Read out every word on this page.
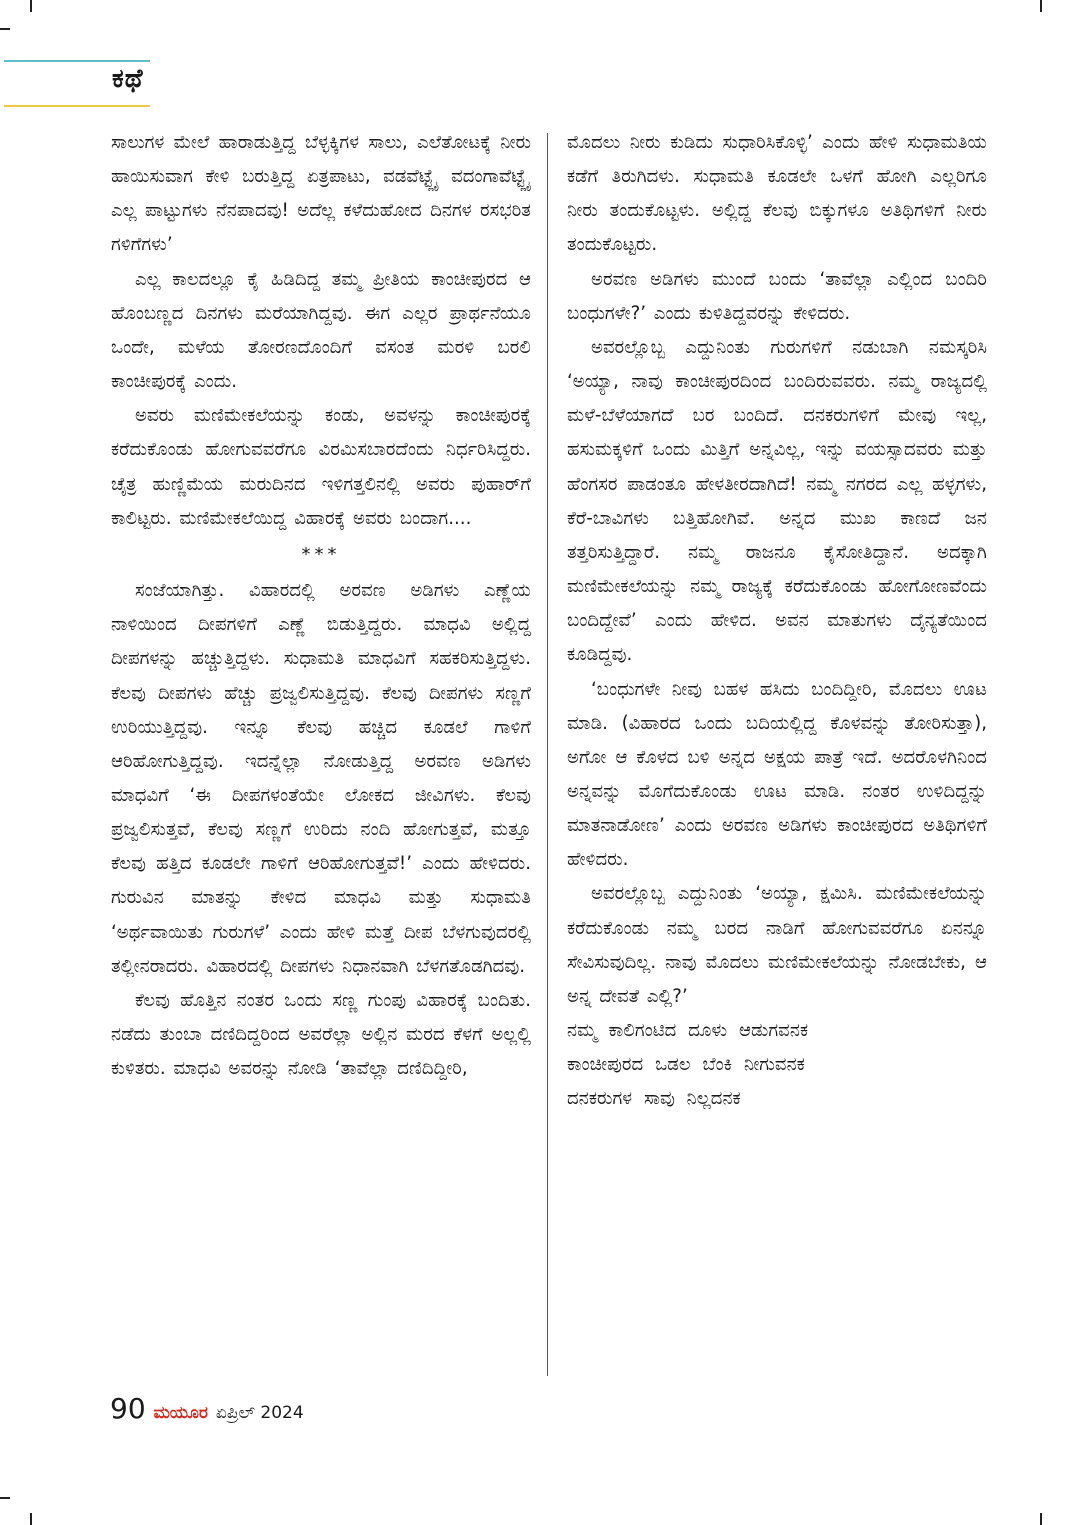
ಕಥೆ

ಸಾಲುಗಳ ಮೇಲೆ ಹಾರಾಡುತ್ತಿದ್ದ ಬೆಳ್ಳಕ್ಕಿಗಳ ಸಾಲು, ಎಲೆತೋಟಕ್ಕೆ ನೀರು ಹಾಯಿಸುವಾಗ ಕೇಳಿ ಬರುತ್ತಿದ್ದ ಏತ್ರಪಾಟು, ವಡವೆಟ್ಟ್ಲೈ ವದಂಗಾವೆಟ್ಟ್ಲೈ ಎಲ್ಲ ಪಾಟ್ಟುಗಳು ನೆನಪಾದವು! ಅದೆಲ್ಲ ಕಳೆದುಹೋದ ದಿನಗಳ ರಸಭರಿತ ಗಳಿಗೆಗಳು’

ಎಲ್ಲ ಕಾಲದಲ್ಲೂ ಕೈ ಹಿಡಿದಿದ್ದ ತಮ್ಮ ಪ್ರೀತಿಯ ಕಾಂಚೀಪುರದ ಆ ಹೊಂಬಣ್ಣದ ದಿನಗಳು ಮರೆಯಾಗಿದ್ದವು. ಈಗ ಎಲ್ಲರ ಪ್ರಾರ್ಥನೆಯೂ ಒಂದೇ, ಮಳೆಯ ತೋರಣದೊಂದಿಗೆ ವಸಂತ ಮರಳಿ ಬರಲಿ ಕಾಂಚೀಪುರಕ್ಕೆ ಎಂದು.

ಅವರು ಮಣಿಮೇಕಲೆಯನ್ನು ಕಂಡು, ಅವಳನ್ನು ಕಾಂಚೀಪುರಕ್ಕೆ ಕರೆದುಕೊಂಡು ಹೋಗುವವರೆಗೂ ವಿರಮಿಸಬಾರದೆಂದು ನಿರ್ಧರಿಸಿದ್ದರು. ಚೈತ್ರ ಹುಣ್ಣಿಮೆಯ ಮರುದಿನದ ಇಳಿಗತ್ತಲಿನಲ್ಲಿ ಅವರು ಪುಹಾರ್‌ಗೆ ಕಾಲಿಟ್ಟರು. ಮಣಿಮೇಕಲೆಯಿದ್ದ ವಿಹಾರಕ್ಕೆ ಅವರು ಬಂದಾಗ....

***

ಸಂಜೆಯಾಗಿತ್ತು. ವಿಹಾರದಲ್ಲಿ ಅರವಣ ಅಡಿಗಳು ಎಣ್ಣೆಯ ನಾಳಿಯಿಂದ ದೀಪಗಳಿಗೆ ಎಣ್ಣೆ ಬಿಡುತ್ತಿದ್ದರು. ಮಾಧವಿ ಅಲ್ಲಿದ್ದ ದೀಪಗಳನ್ನು ಹಚ್ಚುತ್ತಿದ್ದಳು. ಸುಧಾಮತಿ ಮಾಧವಿಗೆ ಸಹಕರಿಸುತ್ತಿದ್ದಳು. ಕೆಲವು ದೀಪಗಳು ಹೆಚ್ಚು ಪ್ರಜ್ವಲಿಸುತ್ತಿದ್ದವು. ಕೆಲವು ದೀಪಗಳು ಸಣ್ಣಗೆ ಉರಿಯುತ್ತಿದ್ದವು. ಇನ್ನೂ ಕೆಲವು ಹಚ್ಚಿದ ಕೂಡಲೆ ಗಾಳಿಗೆ ಆರಿಹೋಗುತ್ತಿದ್ದವು. ಇದನ್ನೆಲ್ಲಾ ನೋಡುತ್ತಿದ್ದ ಅರವಣ ಅಡಿಗಳು ಮಾಧವಿಗೆ ‘ಈ ದೀಪಗಳಂತೆಯೇ ಲೋಕದ ಜೀವಿಗಳು. ಕೆಲವು ಪ್ರಜ್ವಲಿಸುತ್ತವೆ, ಕೆಲವು ಸಣ್ಣಗೆ ಉರಿದು ನಂದಿ ಹೋಗುತ್ತವೆ, ಮತ್ತೂ ಕೆಲವು ಹತ್ತಿದ ಕೂಡಲೇ ಗಾಳಿಗೆ ಆರಿಹೋಗುತ್ತವೆ!’ ಎಂದು ಹೇಳಿದರು. ಗುರುವಿನ ಮಾತನ್ನು ಕೇಳಿದ ಮಾಧವಿ ಮತ್ತು ಸುಧಾಮತಿ ‘ಅರ್ಥವಾಯಿತು ಗುರುಗಳೆ’ ಎಂದು ಹೇಳಿ ಮತ್ತೆ ದೀಪ ಬೆಳಗುವುದರಲ್ಲಿ ತಲ್ಲೀನರಾದರು. ವಿಹಾರದಲ್ಲಿ ದೀಪಗಳು ನಿಧಾನವಾಗಿ ಬೆಳಗತೊಡಗಿದವು.

ಕೆಲವು ಹೊತ್ತಿನ ನಂತರ ಒಂದು ಸಣ್ಣ ಗುಂಪು ವಿಹಾರಕ್ಕೆ ಬಂದಿತು. ನಡೆದು ತುಂಬಾ ದಣಿದಿದ್ದರಿಂದ ಅವರೆಲ್ಲಾ ಅಲ್ಲಿನ ಮರದ ಕೆಳಗೆ ಅಲ್ಲಲ್ಲಿ ಕುಳಿತರು. ಮಾಧವಿ ಅವರನ್ನು ನೋಡಿ ‘ತಾವೆಲ್ಲಾ ದಣಿದಿದ್ದೀರಿ,

ಮೊದಲು ನೀರು ಕುಡಿದು ಸುಧಾರಿಸಿಕೊಳ್ಳಿ’ ಎಂದು ಹೇಳಿ ಸುಧಾಮತಿಯ ಕಡೆಗೆ ತಿರುಗಿದಳು. ಸುಧಾಮತಿ ಕೂಡಲೇ ಒಳಗೆ ಹೋಗಿ ಎಲ್ಲರಿಗೂ ನೀರು ತಂದುಕೊಟ್ಟಳು. ಅಲ್ಲಿದ್ದ ಕೆಲವು ಬಿಕ್ಕುಗಳೂ ಅತಿಥಿಗಳಿಗೆ ನೀರು ತಂದುಕೊಟ್ಟರು.

ಅರವಣ ಅಡಿಗಳು ಮುಂದೆ ಬಂದು ‘ತಾವೆಲ್ಲಾ ಎಲ್ಲಿಂದ ಬಂದಿರಿ ಬಂಧುಗಳೇ?’ ಎಂದು ಕುಳಿತಿದ್ದವರನ್ನು ಕೇಳಿದರು.

ಅವರಲ್ಲೊಬ್ಬ ಎದ್ದುನಿಂತು ಗುರುಗಳಿಗೆ ನಡುಬಾಗಿ ನಮಸ್ಕರಿಸಿ ‘ಅಯ್ಯಾ, ನಾವು ಕಾಂಚೀಪುರದಿಂದ ಬಂದಿರುವವರು. ನಮ್ಮ ರಾಜ್ಯದಲ್ಲಿ ಮಳೆ-ಬೆಳೆಯಾಗದೆ ಬರ ಬಂದಿದೆ. ದನಕರುಗಳಿಗೆ ಮೇವು ಇಲ್ಲ, ಹಸುಮಕ್ಕಳಿಗೆ ಒಂದು ಮಿತ್ತಿಗೆ ಅನ್ನವಿಲ್ಲ, ಇನ್ನು ವಯಸ್ಸಾದವರು ಮತ್ತು ಹೆಂಗಸರ ಪಾಡಂತೂ ಹೇಳತೀರದಾಗಿದೆ! ನಮ್ಮ ನಗರದ ಎಲ್ಲ ಹಳ್ಳಗಳು, ಕೆರೆ-ಬಾವಿಗಳು ಬತ್ತಿಹೋಗಿವೆ. ಅನ್ನದ ಮುಖ ಕಾಣದೆ ಜನ ತತ್ತರಿಸುತ್ತಿದ್ದಾರೆ. ನಮ್ಮ ರಾಜನೂ ಕೈಸೋತಿದ್ದಾನೆ. ಅದಕ್ಕಾಗಿ ಮಣಿಮೇಕಲೆಯನ್ನು ನಮ್ಮ ರಾಜ್ಯಕ್ಕೆ ಕರೆದುಕೊಂಡು ಹೋಗೋಣವೆಂದು ಬಂದಿದ್ದೇವೆ’ ಎಂದು ಹೇಳಿದ. ಅವನ ಮಾತುಗಳು ದೈನ್ಯತೆಯಿಂದ ಕೂಡಿದ್ದವು.

‘ಬಂಧುಗಳೇ ನೀವು ಬಹಳ ಹಸಿದು ಬಂದಿದ್ದೀರಿ, ಮೊದಲು ಊಟ ಮಾಡಿ. (ವಿಹಾರದ ಒಂದು ಬದಿಯಲ್ಲಿದ್ದ ಕೊಳವನ್ನು ತೋರಿಸುತ್ತಾ), ಅಗೋ ಆ ಕೊಳದ ಬಳಿ ಅನ್ನದ ಅಕ್ಷಯ ಪಾತ್ರೆ ಇದೆ. ಅದರೊಳಗಿನಿಂದ ಅನ್ನವನ್ನು ಮೊಗೆದುಕೊಂಡು ಊಟ ಮಾಡಿ. ನಂತರ ಉಳಿದಿದ್ದನ್ನು ಮಾತನಾಡೋಣ’ ಎಂದು ಅರವಣ ಅಡಿಗಳು ಕಾಂಚೀಪುರದ ಅತಿಥಿಗಳಿಗೆ ಹೇಳಿದರು.

ಅವರಲ್ಲೊಬ್ಬ ಎದ್ದುನಿಂತು ‘ಅಯ್ಯಾ, ಕ್ಷಮಿಸಿ. ಮಣಿಮೇಕಲೆಯನ್ನು ಕರೆದುಕೊಂಡು ನಮ್ಮ ಬರದ ನಾಡಿಗೆ ಹೋಗುವವರೆಗೂ ಏನನ್ನೂ ಸೇವಿಸುವುದಿಲ್ಲ. ನಾವು ಮೊದಲು ಮಣಿಮೇಕಲೆಯನ್ನು ನೋಡಬೇಕು, ಆ ಅನ್ನ ದೇವತೆ ಎಲ್ಲಿ?’

ನಮ್ಮ ಕಾಲಿಗಂಟಿದ ದೂಳು ಆಡುಗವನಕ
ಕಾಂಚೀಪುರದ ಒಡಲ ಬೆಂಕಿ ನೀಗುವನಕ
ದನಕರುಗಳ ಸಾವು ನಿಲ್ಲದನಕ
90 ಮಯೂರ ಏಪ್ರಿಲ್ 2024
